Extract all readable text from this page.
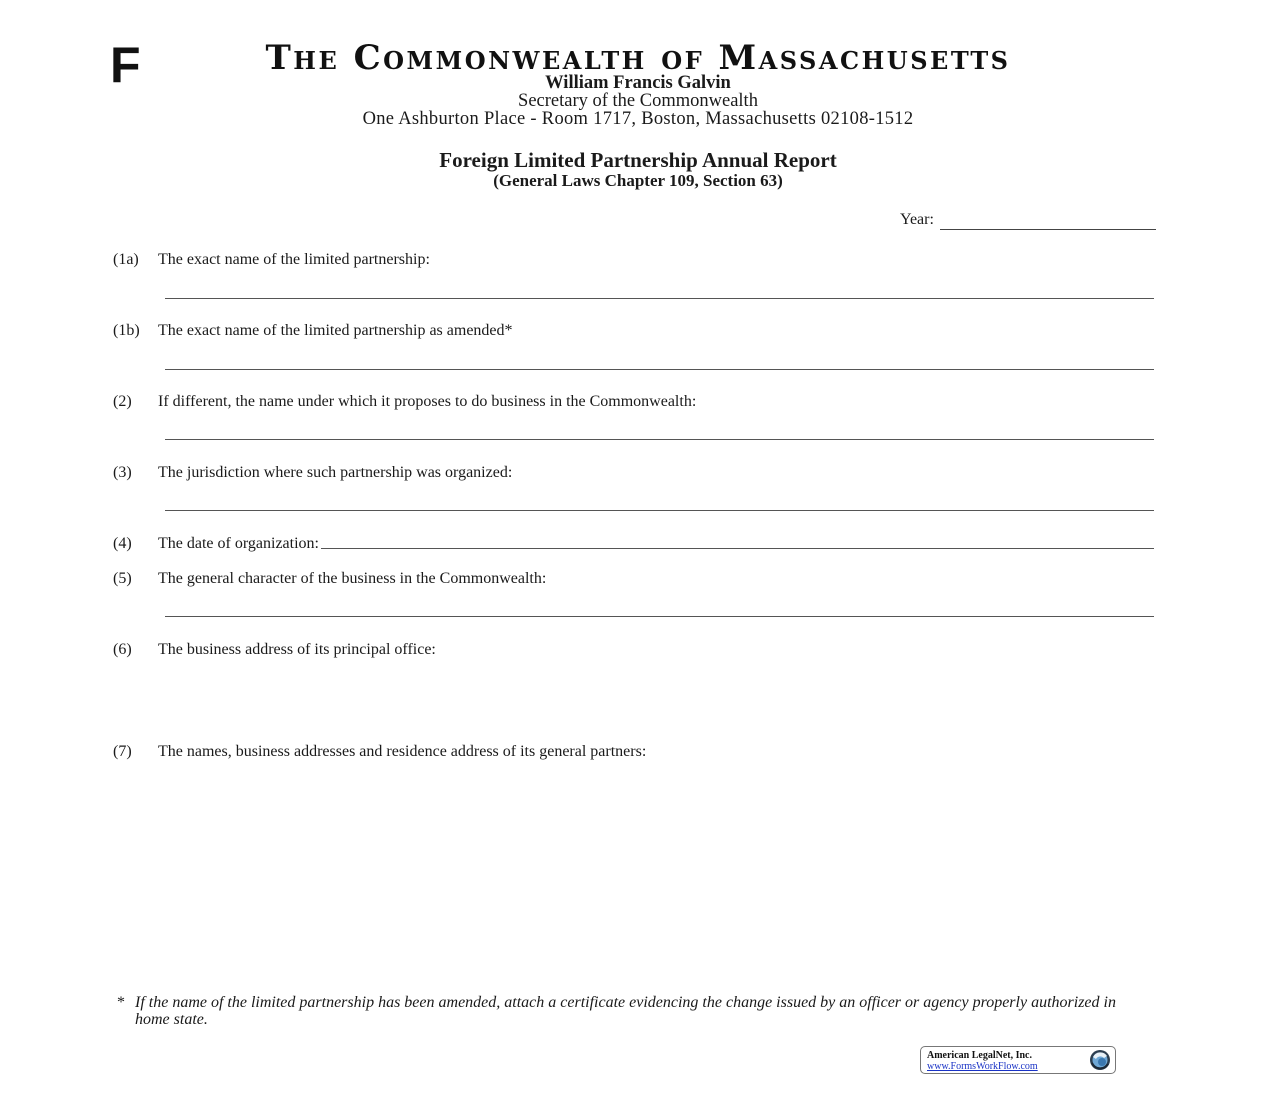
F	The Commonwealth of Massachusetts
William Francis Galvin
Secretary of the Commonwealth
One Ashburton Place - Room 1717, Boston, Massachusetts 02108-1512
Foreign Limited Partnership Annual Report
(General Laws Chapter 109, Section 63)
Year:
(1a)	The exact name of the limited partnership:
(1b)	The exact name of the limited partnership as amended*
(2)	If different, the name under which it proposes to do business in the Commonwealth:
(3)	The jurisdiction where such partnership was organized:
(4)	The date of organization:
(5)	The general character of the business in the Commonwealth:
(6)	The business address of its principal office:
(7)	The names, business addresses and residence address of its general partners:
* If the name of the limited partnership has been amended, attach a certificate evidencing the change issued by an officer or agency properly authorized in home state.
American LegalNet, Inc.
www.FormsWorkFlow.com
